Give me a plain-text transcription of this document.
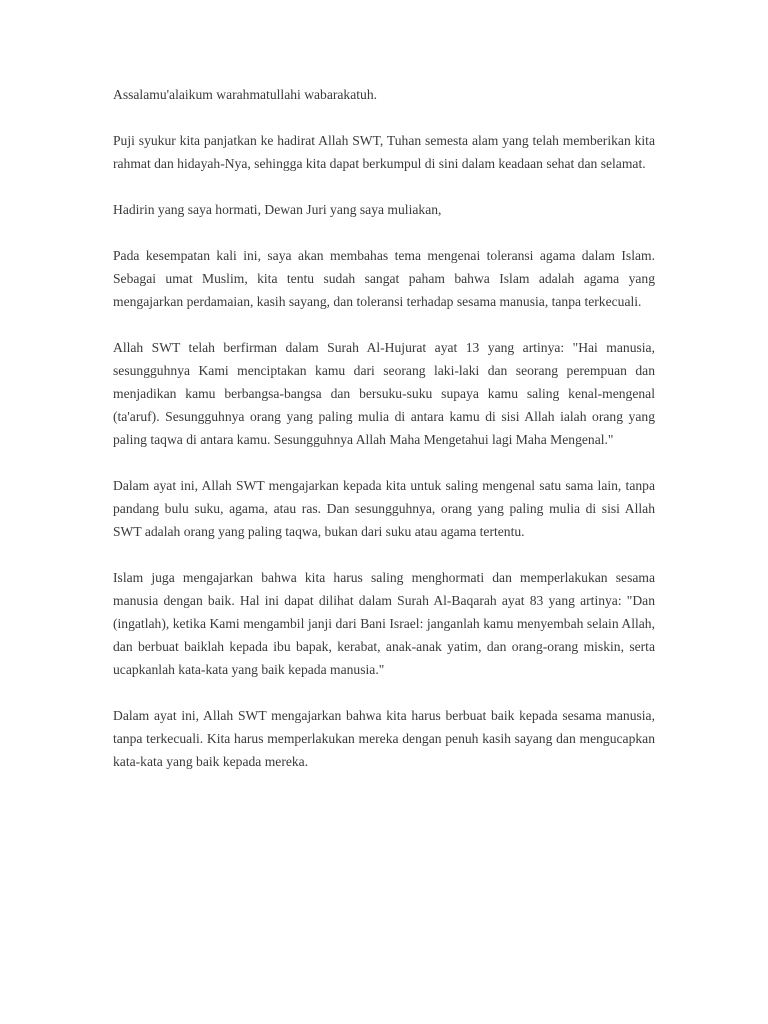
Assalamu'alaikum warahmatullahi wabarakatuh.

Puji syukur kita panjatkan ke hadirat Allah SWT, Tuhan semesta alam yang telah memberikan kita rahmat dan hidayah-Nya, sehingga kita dapat berkumpul di sini dalam keadaan sehat dan selamat.

Hadirin yang saya hormati, Dewan Juri yang saya muliakan,

Pada kesempatan kali ini, saya akan membahas tema mengenai toleransi agama dalam Islam. Sebagai umat Muslim, kita tentu sudah sangat paham bahwa Islam adalah agama yang mengajarkan perdamaian, kasih sayang, dan toleransi terhadap sesama manusia, tanpa terkecuali.

Allah SWT telah berfirman dalam Surah Al-Hujurat ayat 13 yang artinya: "Hai manusia, sesungguhnya Kami menciptakan kamu dari seorang laki-laki dan seorang perempuan dan menjadikan kamu berbangsa-bangsa dan bersuku-suku supaya kamu saling kenal-mengenal (ta'aruf). Sesungguhnya orang yang paling mulia di antara kamu di sisi Allah ialah orang yang paling taqwa di antara kamu. Sesungguhnya Allah Maha Mengetahui lagi Maha Mengenal."

Dalam ayat ini, Allah SWT mengajarkan kepada kita untuk saling mengenal satu sama lain, tanpa pandang bulu suku, agama, atau ras. Dan sesungguhnya, orang yang paling mulia di sisi Allah SWT adalah orang yang paling taqwa, bukan dari suku atau agama tertentu.

Islam juga mengajarkan bahwa kita harus saling menghormati dan memperlakukan sesama manusia dengan baik. Hal ini dapat dilihat dalam Surah Al-Baqarah ayat 83 yang artinya: "Dan (ingatlah), ketika Kami mengambil janji dari Bani Israel: janganlah kamu menyembah selain Allah, dan berbuat baiklah kepada ibu bapak, kerabat, anak-anak yatim, dan orang-orang miskin, serta ucapkanlah kata-kata yang baik kepada manusia."

Dalam ayat ini, Allah SWT mengajarkan bahwa kita harus berbuat baik kepada sesama manusia, tanpa terkecuali. Kita harus memperlakukan mereka dengan penuh kasih sayang dan mengucapkan kata-kata yang baik kepada mereka.
